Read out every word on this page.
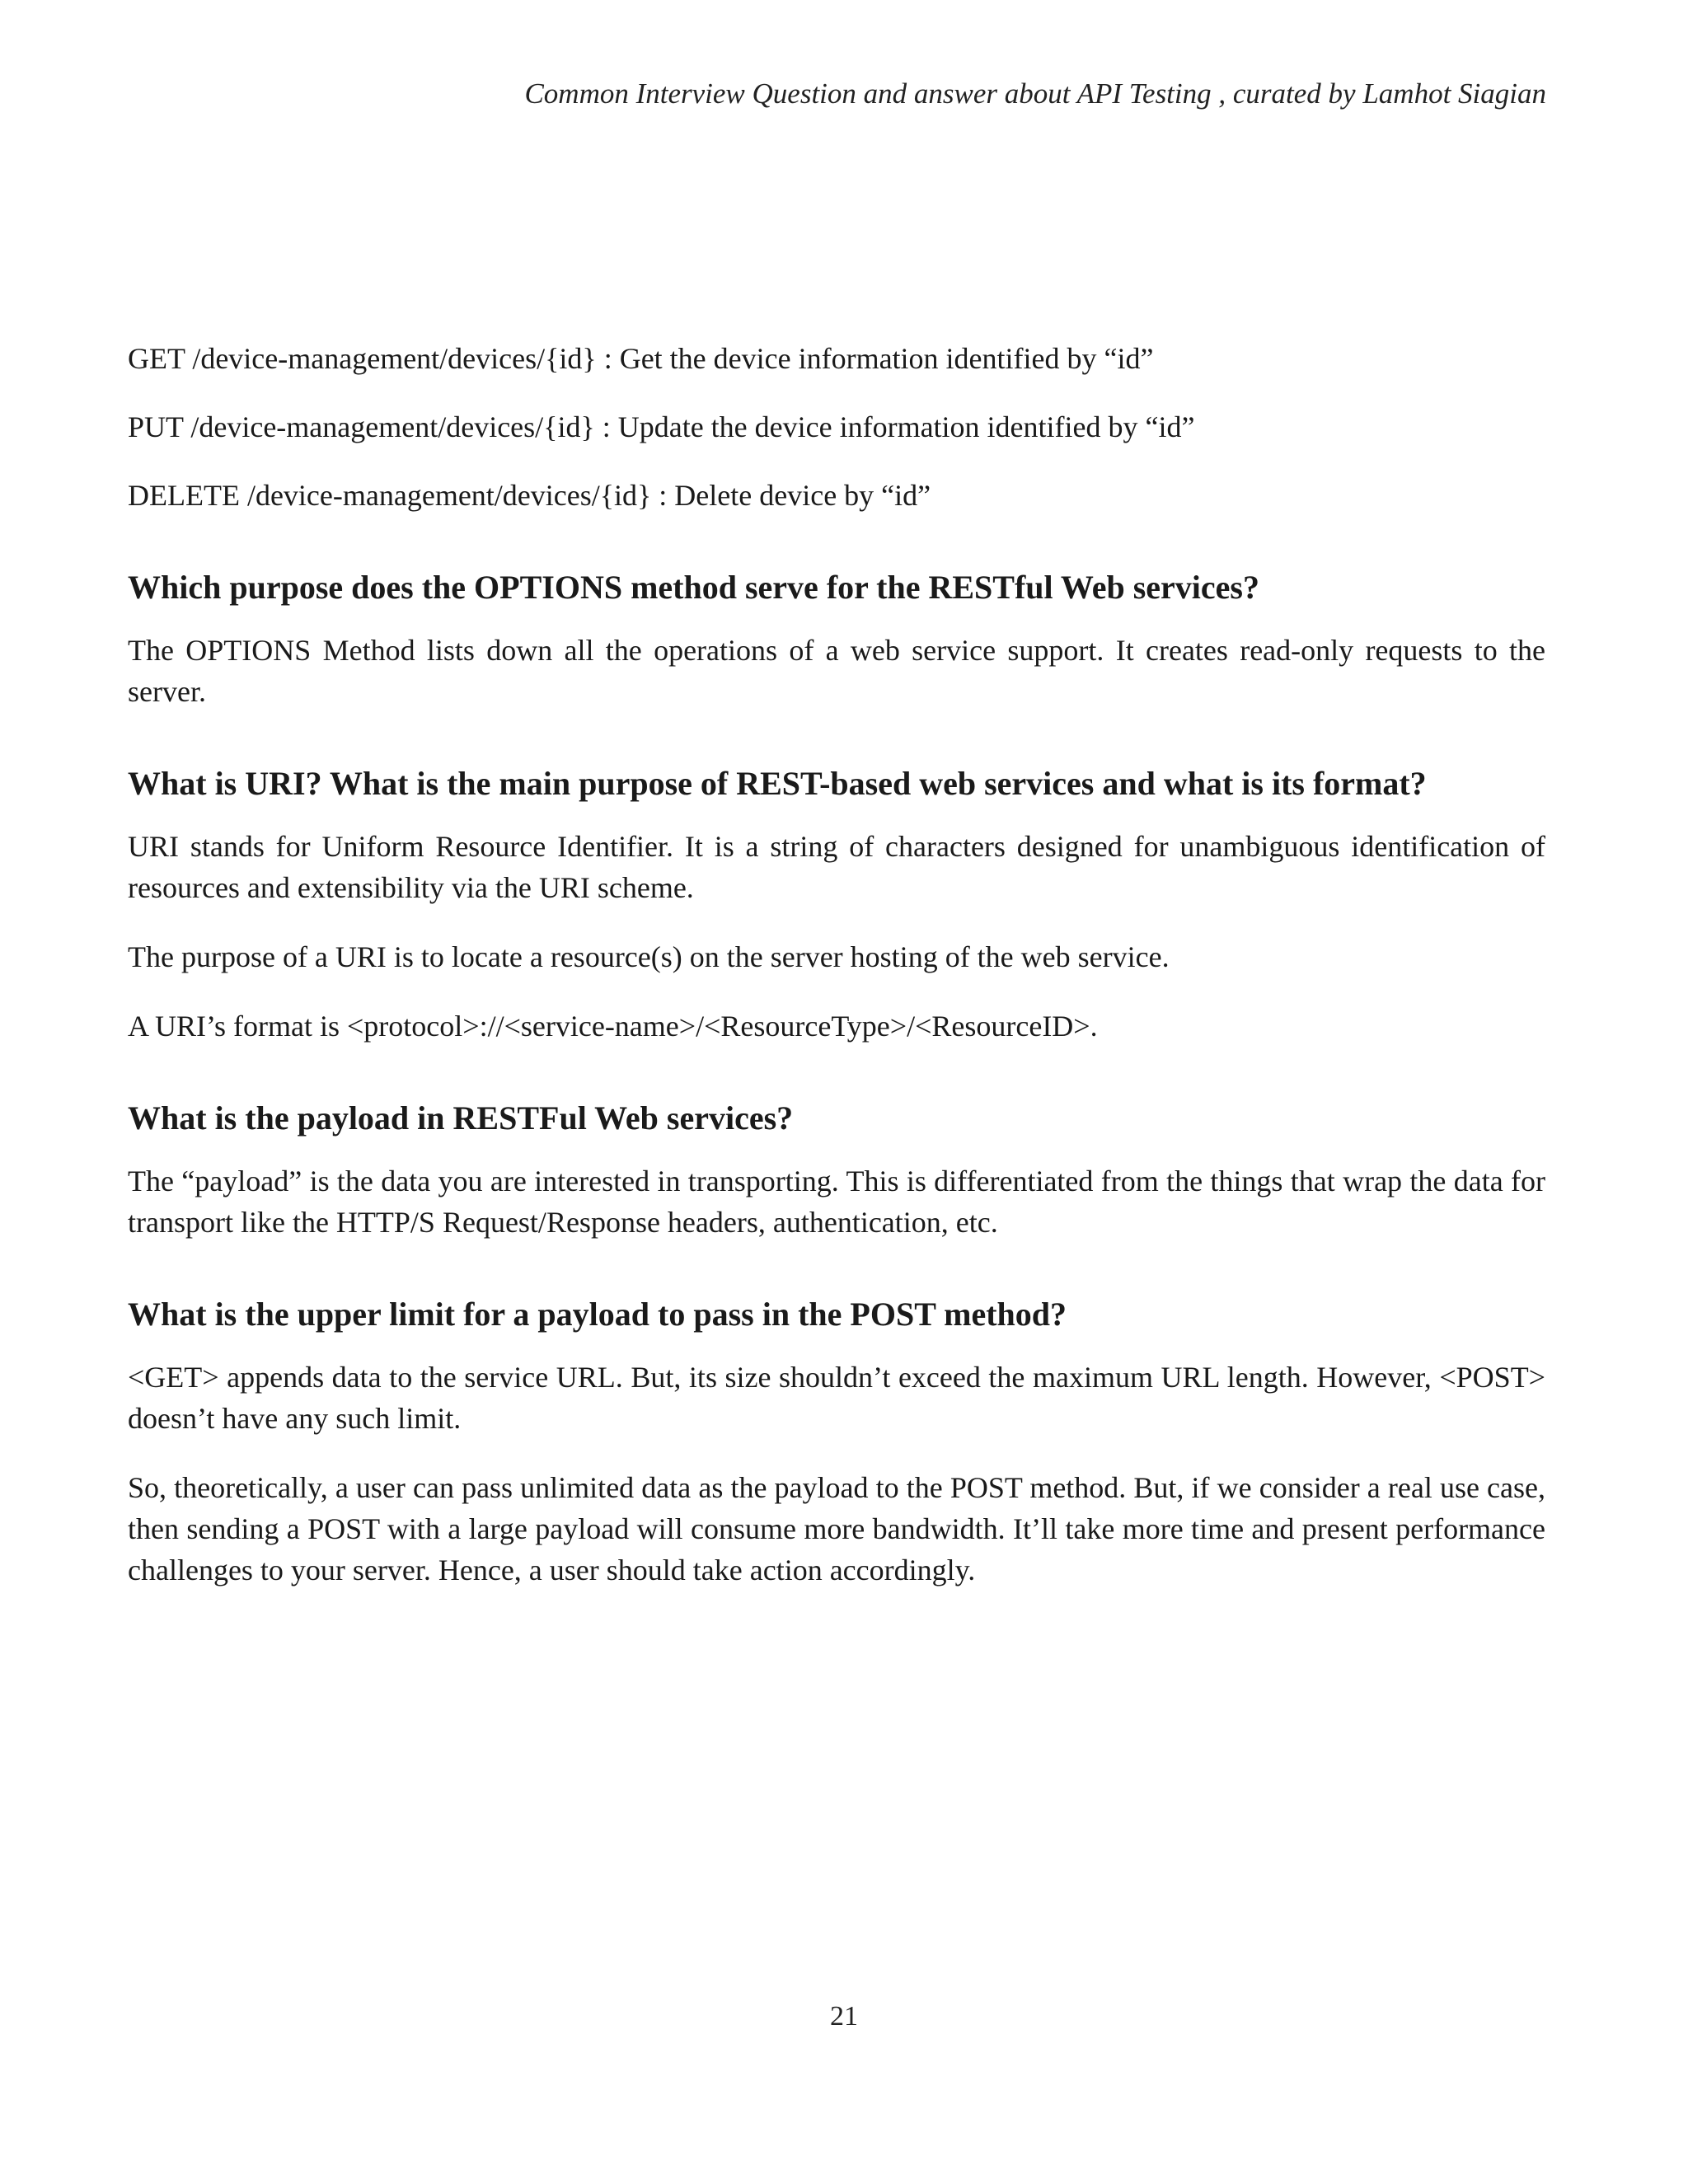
Common Interview Question and answer about API Testing , curated by Lamhot Siagian

GET /device-management/devices/{id} : Get the device information identified by “id”

PUT /device-management/devices/{id} : Update the device information identified by “id”

DELETE /device-management/devices/{id} : Delete device by “id”

Which purpose does the OPTIONS method serve for the RESTful Web services?

The OPTIONS Method lists down all the operations of a web service support. It creates read-only requests to the server.

What is URI? What is the main purpose of REST-based web services and what is its format?

URI stands for Uniform Resource Identifier. It is a string of characters designed for unambiguous identification of resources and extensibility via the URI scheme.

The purpose of a URI is to locate a resource(s) on the server hosting of the web service.

A URI’s format is <protocol>://<service-name>/<ResourceType>/<ResourceID>.

What is the payload in RESTFul Web services?

The “payload” is the data you are interested in transporting. This is differentiated from the things that wrap the data for transport like the HTTP/S Request/Response headers, authentication, etc.

What is the upper limit for a payload to pass in the POST method?

<GET> appends data to the service URL. But, its size shouldn’t exceed the maximum URL length. However, <POST> doesn’t have any such limit.

So, theoretically, a user can pass unlimited data as the payload to the POST method. But, if we consider a real use case, then sending a POST with a large payload will consume more bandwidth. It’ll take more time and present performance challenges to your server. Hence, a user should take action accordingly.

21
